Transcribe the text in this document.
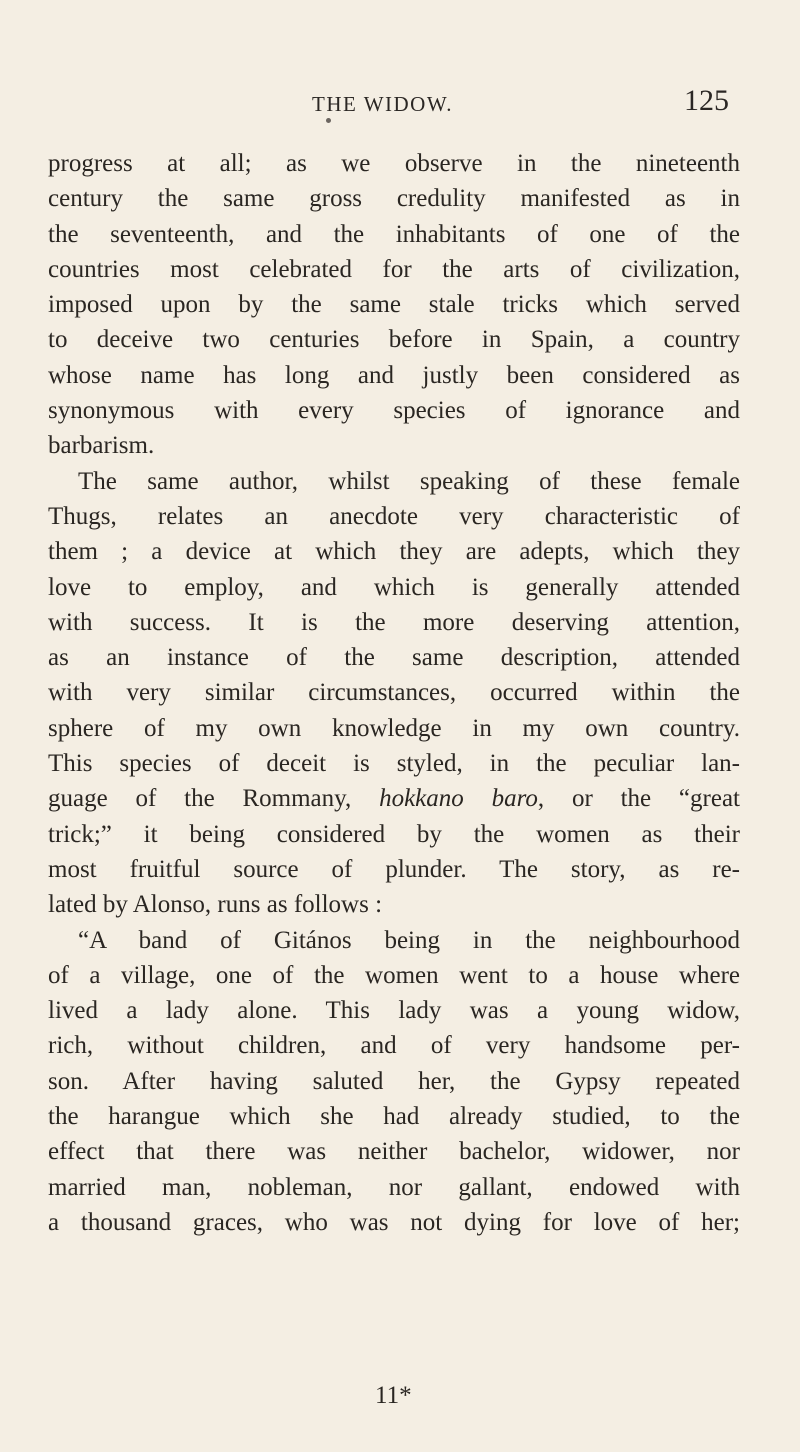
THE WIDOW.	125
progress at all; as we observe in the nineteenth
century the same gross credulity manifested as in
the seventeenth, and the inhabitants of one of the
countries most celebrated for the arts of civilization,
imposed upon by the same stale tricks which served
to deceive two centuries before in Spain, a country
whose name has long and justly been considered as
synonymous with every species of ignorance and
barbarism.
The same author, whilst speaking of these female
Thugs, relates an anecdote very characteristic of
them ; a device at which they are adepts, which they
love to employ, and which is generally attended
with success. It is the more deserving attention,
as an instance of the same description, attended
with very similar circumstances, occurred within the
sphere of my own knowledge in my own country.
This species of deceit is styled, in the peculiar lan-
guage of the Rommany, hokkano baro, or the “great
trick;” it being considered by the women as their
most fruitful source of plunder. The story, as re-
lated by Alonso, runs as follows :
“A band of Gitános being in the neighbourhood
of a village, one of the women went to a house where
lived a lady alone. This lady was a young widow,
rich, without children, and of very handsome per-
son. After having saluted her, the Gypsy repeated
the harangue which she had already studied, to the
effect that there was neither bachelor, widower, nor
married man, nobleman, nor gallant, endowed with
a thousand graces, who was not dying for love of her;
11*
